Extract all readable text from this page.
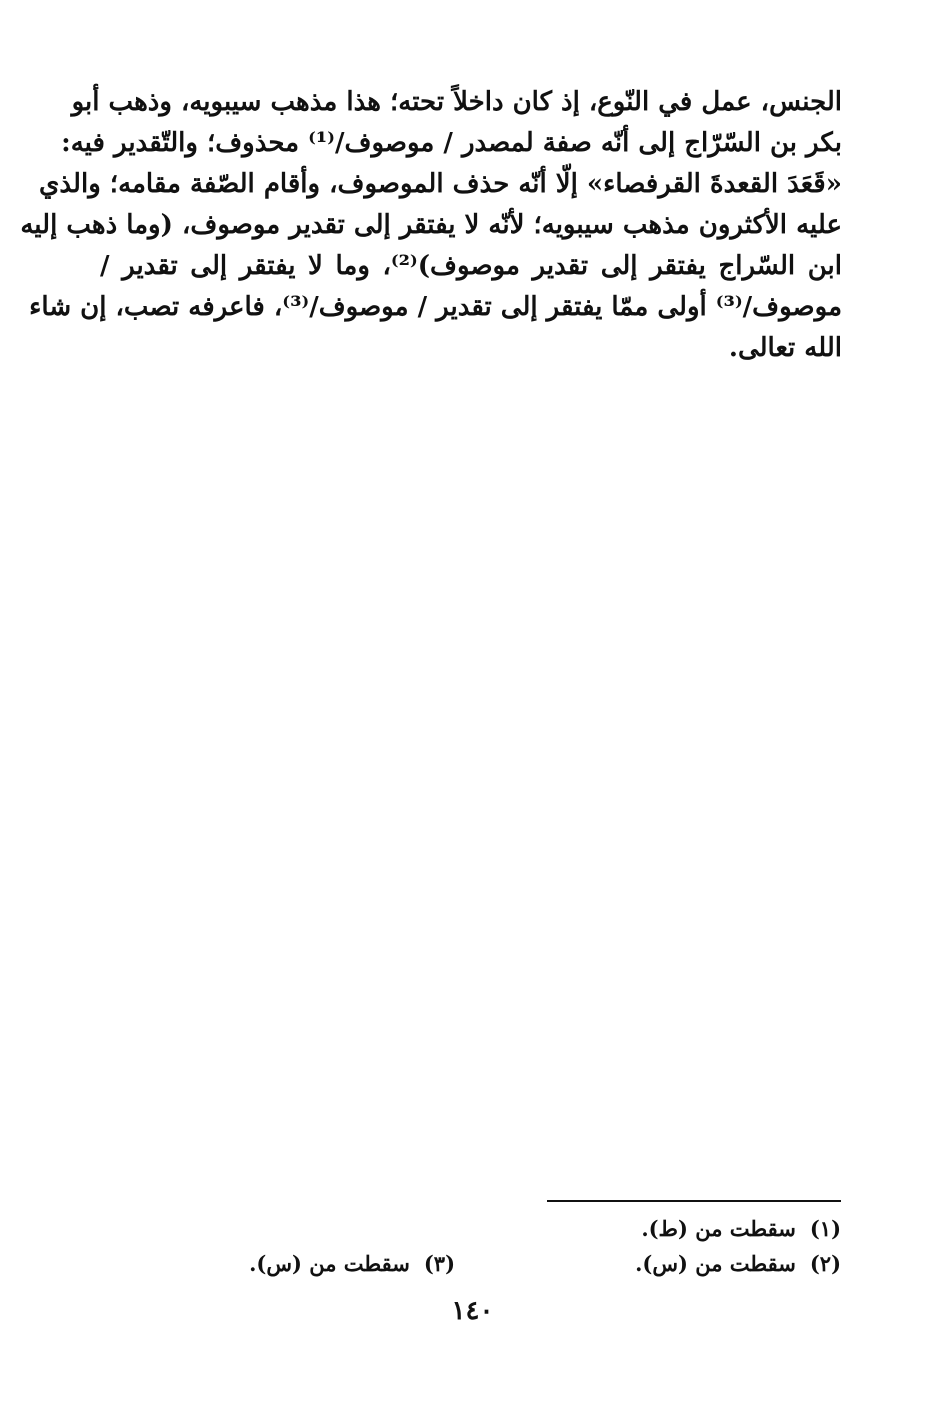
الجنس، عمل في النّوع، إذ كان داخلاً تحته؛ هذا مذهب سيبويه، وذهب أبو
بكر بن السّرّاج إلى أنّه صفة لمصدر / موصوف/⁽¹⁾ محذوف؛ والتّقدير فيه:
«قَعَدَ القعدةَ القرفصاء» إلّا أنّه حذف الموصوف، وأقام الصّفة مقامه؛ والذي
عليه الأكثرون مذهب سيبويه؛ لأنّه لا يفتقر إلى تقدير موصوف، (وما ذهب إليه
ابن السّراج يفتقر إلى تقدير موصوف)⁽²⁾، وما لا يفتقر إلى تقدير /
موصوف/⁽³⁾ أولى ممّا يفتقر إلى تقدير / موصوف/⁽³⁾، فاعرفه تصب، إن شاء
الله تعالى.
(١)سقطت من (ط).
(٢)سقطت من (س).
(٣)سقطت من (س).
١٤٠
